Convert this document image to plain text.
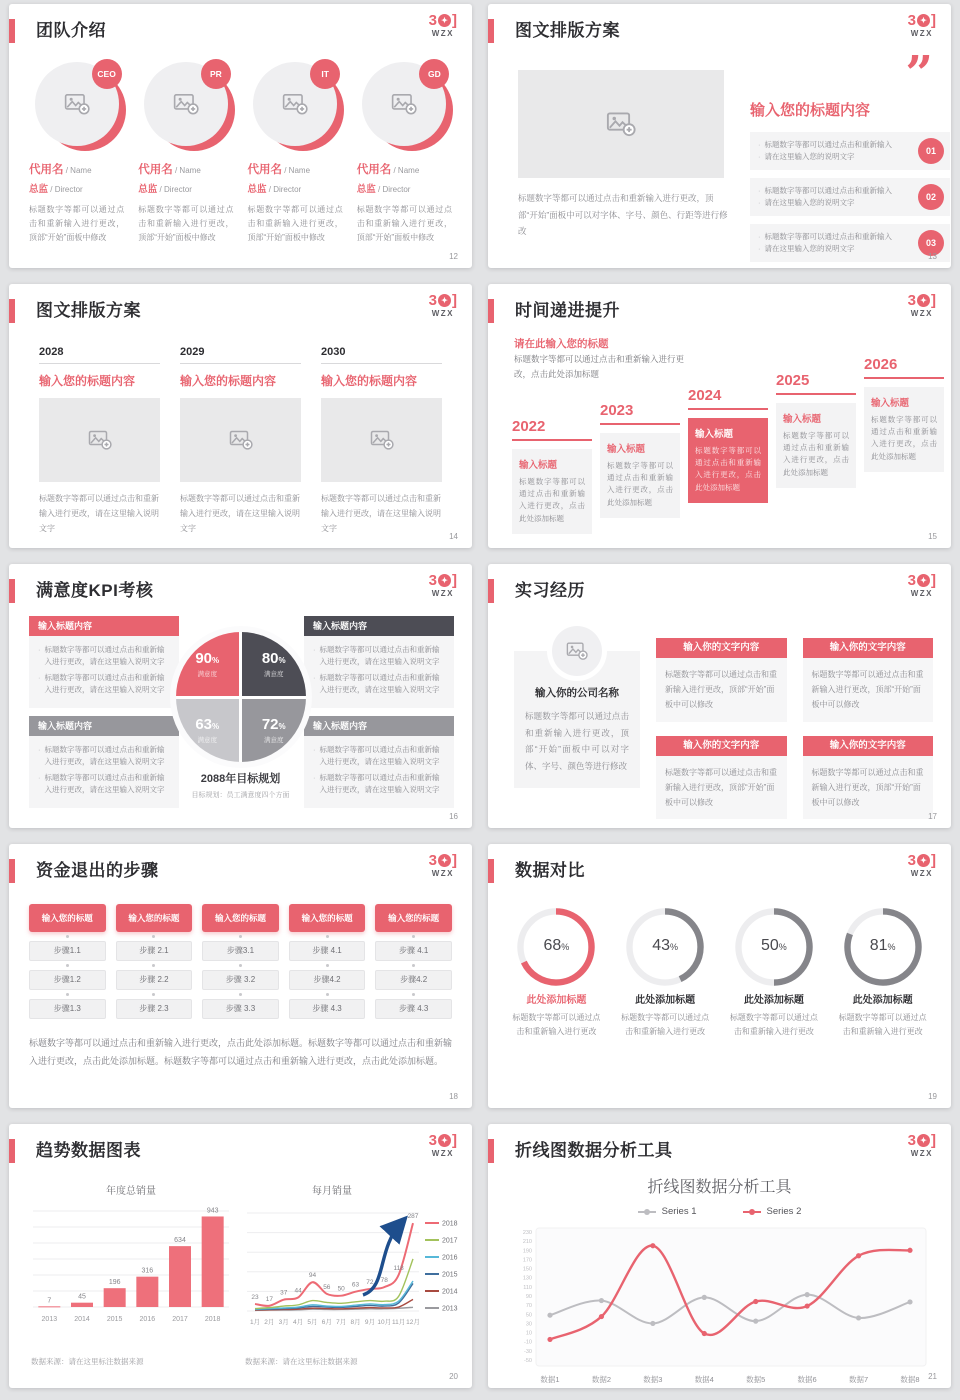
团队介绍
3 ✦ ]
WZX
CEO
代用名 / Name
总监 / Director
标题数字等都可以通过点击和重新输入进行更改，顶部“开始”面板中修改
PR
代用名 / Name
总监 / Director
标题数字等都可以通过点击和重新输入进行更改，顶部“开始”面板中修改
IT
代用名 / Name
总监 / Director
标题数字等都可以通过点击和重新输入进行更改，顶部“开始”面板中修改
GD
代用名 / Name
总监 / Director
标题数字等都可以通过点击和重新输入进行更改，顶部“开始”面板中修改
12
图文排版方案
3 ✦ ]
WZX
标题数字等都可以通过点击和重新输入进行更改，顶部“开始”面板中可以对字体、字号、颜色、行距等进行修改
”
输入您的标题内容
· 标题数字等都可以通过点击和重新输入
· 请在这里输入您的说明文字
01
· 标题数字等都可以通过点击和重新输入
· 请在这里输入您的说明文字
02
· 标题数字等都可以通过点击和重新输入
· 请在这里输入您的说明文字
03
13
图文排版方案
3 ✦ ]
WZX
2028
输入您的标题内容
标题数字等都可以通过点击和重新输入进行更改，请在这里输入说明文字
2029
输入您的标题内容
标题数字等都可以通过点击和重新输入进行更改，请在这里输入说明文字
2030
输入您的标题内容
标题数字等都可以通过点击和重新输入进行更改，请在这里输入说明文字
14
时间递进提升
3 ✦ ]
WZX
请在此输入您的标题
标题数字等都可以通过点击和重新输入进行更改，点击此处添加标题
2022
输入标题
标题数字等都可以通过点击和重新输入进行更改，点击此处添加标题
2023
输入标题
标题数字等都可以通过点击和重新输入进行更改，点击此处添加标题
2024
输入标题
标题数字等都可以通过点击和重新输入进行更改，点击此处添加标题
2025
输入标题
标题数字等都可以通过点击和重新输入进行更改，点击此处添加标题
2026
输入标题
标题数字等都可以通过点击和重新输入进行更改，点击此处添加标题
15
满意度KPI考核
3 ✦ ]
WZX
输入标题内容
· 标题数字等都可以通过点击和重新输入进行更改，请在这里输入说明文字
· 标题数字等都可以通过点击和重新输入进行更改，请在这里输入说明文字
输入标题内容
· 标题数字等都可以通过点击和重新输入进行更改，请在这里输入说明文字
· 标题数字等都可以通过点击和重新输入进行更改，请在这里输入说明文字
输入标题内容
· 标题数字等都可以通过点击和重新输入进行更改，请在这里输入说明文字
· 标题数字等都可以通过点击和重新输入进行更改，请在这里输入说明文字
输入标题内容
· 标题数字等都可以通过点击和重新输入进行更改，请在这里输入说明文字
· 标题数字等都可以通过点击和重新输入进行更改，请在这里输入说明文字
90%
满意度
80%
满意度
63%
满意度
72%
满意度
2088年目标规划
目标规划：员工满意度四个方面
16
实习经历
3 ✦ ]
WZX
输入你的公司名称
标题数字等都可以通过点击和重新输入进行更改，顶部“开始”面板中可以对字体、字号、颜色等进行修改
输入你的文字内容
标题数字等都可以通过点击和重新输入进行更改，顶部“开始”面板中可以修改
输入你的文字内容
标题数字等都可以通过点击和重新输入进行更改，顶部“开始”面板中可以修改
输入你的文字内容
标题数字等都可以通过点击和重新输入进行更改，顶部“开始”面板中可以修改
输入你的文字内容
标题数字等都可以通过点击和重新输入进行更改，顶部“开始”面板中可以修改
17
资金退出的步骤
3 ✦ ]
WZX
输入您的标题
步骤1.1
步骤1.2
步骤1.3
输入您的标题
步骤 2.1
步骤 2.2
步骤 2.3
输入您的标题
步骤3.1
步骤 3.2
步骤 3.3
输入您的标题
步骤 4.1
步骤4.2
步骤 4.3
输入您的标题
步骤 4.1
步骤4.2
步骤 4.3
标题数字等都可以通过点击和重新输入进行更改，点击此处添加标题。标题数字等都可以通过点击和重新输入进行更改，点击此处添加标题。标题数字等都可以通过点击和重新输入进行更改，点击此处添加标题。
18
数据对比
3 ✦ ]
WZX
68%
此处添加标题
标题数字等都可以通过点击和重新输入进行更改
43%
此处添加标题
标题数字等都可以通过点击和重新输入进行更改
50%
此处添加标题
标题数字等都可以通过点击和重新输入进行更改
81%
此处添加标题
标题数字等都可以通过点击和重新输入进行更改
19
趋势数据图表
3 ✦ ]
WZX
年度总销量
7
2013
45
2014
196
2015
316
2016
634
2017
943
2018
每月销量
23 17
37 44
94
56 50
63 72 78
118
287
1月 2月 3月 4月 5月 6月 7月 8月 9月 10月 11月 12月
2018
2017
2016
2015
2014
2013
数据来源：请在这里标注数据来源	数据来源：请在这里标注数据来源
20
折线图数据分析工具
3 ✦ ]
WZX
折线图数据分析工具
Series 1	Series 2
230
210
190
170
150
130
110
90
70
50
30
10
-10
-30
-50
数据1	数据2	数据3	数据4	数据5	数据6	数据7	数据8 21
